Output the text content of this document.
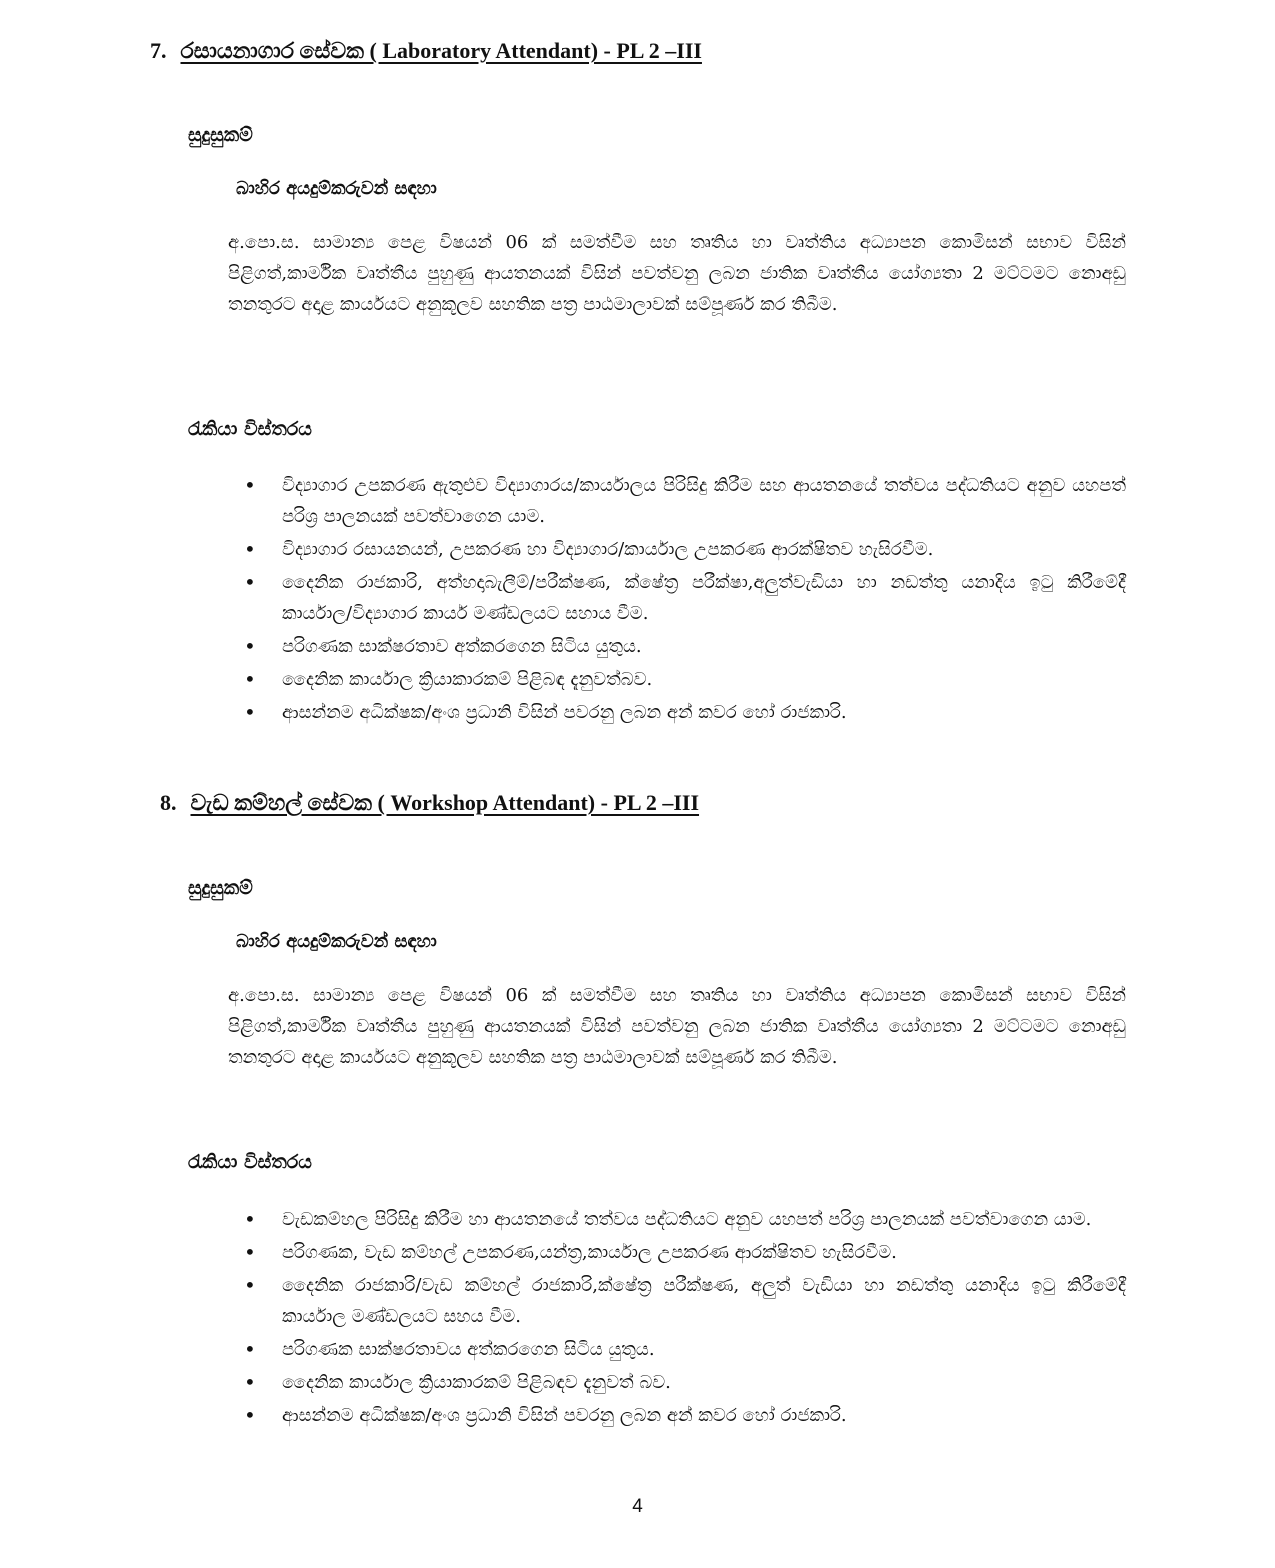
7. රසායනාගාර සේවක ( Laboratory Attendant) - PL 2 –III
සුදුසුකම්
බාහිර අයදුම්කරුවන් සඳහා
අ.පො.ස. සාමාන්‍ය පෙළ විෂයන් 06 ක් සමත්වීම සහ තෘතිය හා වෘත්තිය අධ්‍යාපන කොමිසන් සභාව විසින් පිළිගත්,කාර්මික වෘත්තීය පුහුණු ආයතනයක් විසින් පවත්වනු ලබන ජාතික වෘත්තීය යෝග්‍යතා 2 මට්ටමට නොඅඩු තනතුරට අදාළ කාර්යයට අනුකූලව සහතික පත්‍ර පාඨමාලාවක් සම්පූර්ණ කර තිබීම.
රැකියා විස්තරය
• විද්‍යාගාර උපකරණ ඇතුළුව විද්‍යාගාරය/කාර්යාලය පිරිසිදු කිරීම සහ ආයතනයේ තත්වය පද්ධතියට අනුව යහපත් පරිශ්‍ර පාලනයක් පවත්වාගෙන යාම.
• විද්‍යාගාර රසායනයන්, උපකරණ හා විද්‍යාගාර/කාර්යාල උපකරණ ආරක්ෂිතව හැසිරවීම.
• දෛනික රාජකාරි, අත්හදාබැලීම්/පරීක්ෂණ, ක්ෂේත්‍ර පරීක්ෂා,අලුත්වැඩියා හා නඩත්තු යනාදිය ඉටු කිරීමේදී කාර්යාල/විද්‍යාගාර කාර්ය මණ්ඩලයට සහාය වීම.
• පරිගණක සාක්ෂරතාව අත්කරගෙන සිටිය යුතුය.
• දෛනික කාර්යාල ක්‍රියාකාරකම් පිළිබඳ දැනුවත්බව.
• ආසන්නම අධික්ෂක/අංශ ප්‍රධානි විසින් පවරනු ලබන අන් කවර හෝ රාජකාරි.
8. වැඩ කම්හල් සේවක ( Workshop Attendant) - PL 2 –III
සුදුසුකම්
බාහිර අයදුම්කරුවන් සඳහා
අ.පො.ස. සාමාන්‍ය පෙළ විෂයන් 06 ක් සමත්වීම සහ තෘතිය හා වෘත්තිය අධ්‍යාපන කොමිසන් සභාව විසින් පිළිගත්,කාර්මික වෘත්තීය පුහුණු ආයතනයක් විසින් පවත්වනු ලබන ජාතික වෘත්තීය යෝග්‍යතා 2 මට්ටමට නොඅඩු තනතුරට අදාළ කාර්යයට අනුකූලව සහතික පත්‍ර පාඨමාලාවක් සම්පූර්ණ කර තිබීම.
රැකියා විස්තරය
• වැඩකම්හල පිරිසිදු කිරීම හා ආයතනයේ තත්වය පද්ධතියට අනුව යහපත් පරිශ්‍ර පාලනයක් පවත්වාගෙන යාම.
• පරිගණක, වැඩ කම්හල් උපකරණ,යන්ත්‍ර,කාර්යාල උපකරණ ආරක්ෂිතව හැසිරවීම.
• දෛනික රාජකාරි/වැඩ කම්හල් රාජකාරි,ක්ෂේත්‍ර පරීක්ෂණ, අලුත් වැඩියා හා නඩත්තු යනාදිය ඉටු කිරීමේදී කාර්යාල මණ්ඩලයට සහය වීම.
• පරිගණක සාක්ෂරතාවය අත්කරගෙන සිටිය යුතුය.
• දෛනික කාර්යාල ක්‍රියාකාරකම් පිළිබඳව දැනුවත් බව.
• ආසන්නම අධික්ෂක/අංශ ප්‍රධානි විසින් පවරනු ලබන අන් කවර හෝ රාජකාරි.
4
